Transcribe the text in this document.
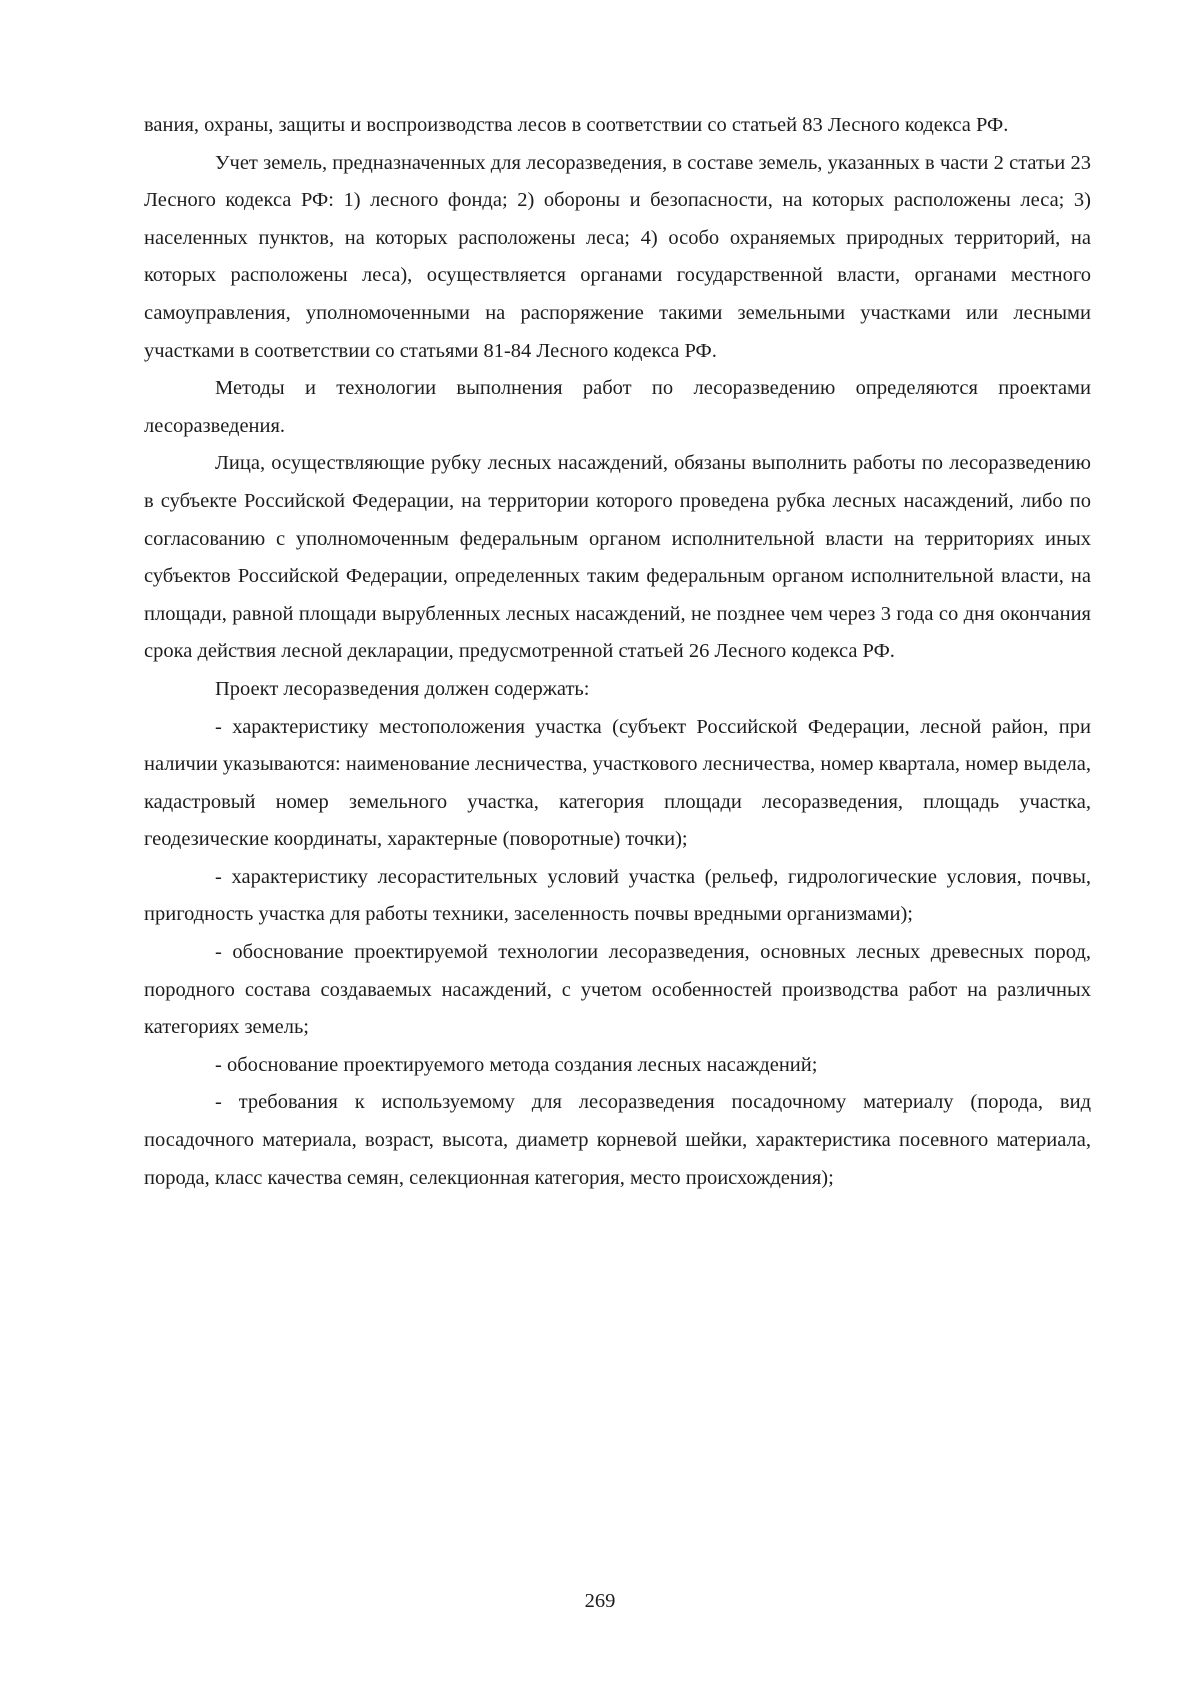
вания, охраны, защиты и воспроизводства лесов в соответствии со статьей 83 Лесного кодекса РФ.

Учет земель, предназначенных для лесоразведения, в составе земель, указанных в части 2 статьи 23 Лесного кодекса РФ: 1) лесного фонда; 2) обороны и безопасности, на которых расположены леса; 3) населенных пунктов, на которых расположены леса; 4) особо охраняемых природных территорий, на которых расположены леса), осуществляется органами государственной власти, органами местного самоуправления, уполномоченными на распоряжение такими земельными участками или лесными участками в соответствии со статьями 81-84 Лесного кодекса РФ.

Методы и технологии выполнения работ по лесоразведению определяются проектами лесоразведения.

Лица, осуществляющие рубку лесных насаждений, обязаны выполнить работы по лесоразведению в субъекте Российской Федерации, на территории которого проведена рубка лесных насаждений, либо по согласованию с уполномоченным федеральным органом исполнительной власти на территориях иных субъектов Российской Федерации, определенных таким федеральным органом исполнительной власти, на площади, равной площади вырубленных лесных насаждений, не позднее чем через 3 года со дня окончания срока действия лесной декларации, предусмотренной статьей 26 Лесного кодекса РФ.

Проект лесоразведения должен содержать:

- характеристику местоположения участка (субъект Российской Федерации, лесной район, при наличии указываются: наименование лесничества, участкового лесничества, номер квартала, номер выдела, кадастровый номер земельного участка, категория площади лесоразведения, площадь участка, геодезические координаты, характерные (поворотные) точки);

- характеристику лесорастительных условий участка (рельеф, гидрологические условия, почвы, пригодность участка для работы техники, заселенность почвы вредными организмами);

- обоснование проектируемой технологии лесоразведения, основных лесных древесных пород, породного состава создаваемых насаждений, с учетом особенностей производства работ на различных категориях земель;

- обоснование проектируемого метода создания лесных насаждений;

- требования к используемому для лесоразведения посадочному материалу (порода, вид посадочного материала, возраст, высота, диаметр корневой шейки, характеристика посевного материала, порода, класс качества семян, селекционная категория, место происхождения);

269
